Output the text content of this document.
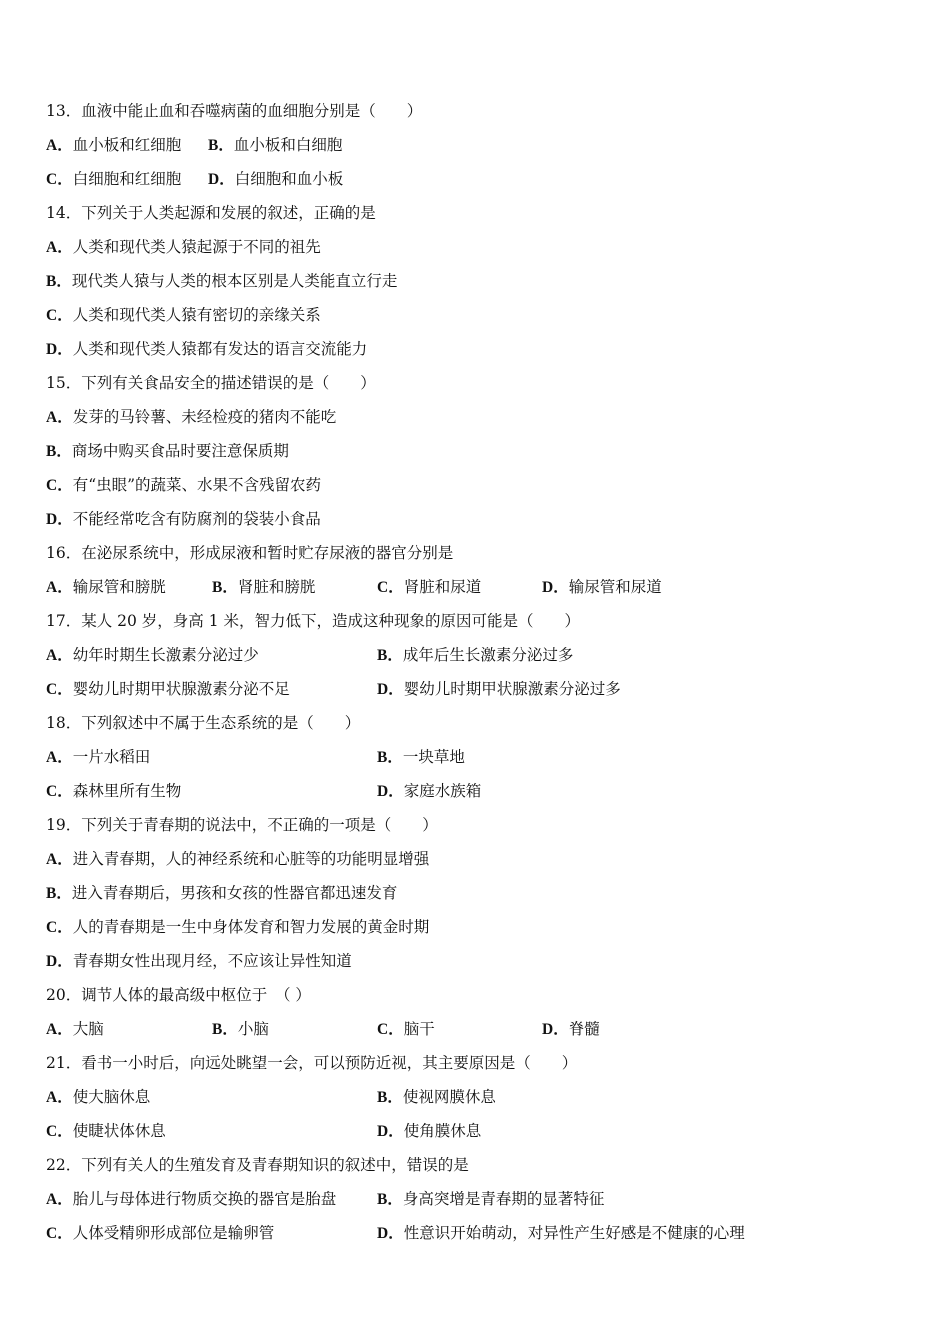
13．血液中能止血和吞噬病菌的血细胞分别是（　　）
A．血小板和红细胞 B．血小板和白细胞
C．白细胞和红细胞 D．白细胞和血小板
14．下列关于人类起源和发展的叙述，正确的是
A．人类和现代类人猿起源于不同的祖先
B．现代类人猿与人类的根本区别是人类能直立行走
C．人类和现代类人猿有密切的亲缘关系
D．人类和现代类人猿都有发达的语言交流能力
15．下列有关食品安全的描述错误的是（　　）
A．发芽的马铃薯、未经检疫的猪肉不能吃
B．商场中购买食品时要注意保质期
C．有“虫眼”的蔬菜、水果不含残留农药
D．不能经常吃含有防腐剂的袋装小食品
16．在泌尿系统中，形成尿液和暂时贮存尿液的器官分别是
A．输尿管和膀胱	B．肾脏和膀胱	C．肾脏和尿道	D．输尿管和尿道
17．某人 20 岁，身高 1 米，智力低下，造成这种现象的原因可能是（　　）
A．幼年时期生长激素分泌过少	B．成年后生长激素分泌过多
C．婴幼儿时期甲状腺激素分泌不足	D．婴幼儿时期甲状腺激素分泌过多
18．下列叙述中不属于生态系统的是（　　）
A．一片水稻田	B．一块草地
C．森林里所有生物	D．家庭水族箱
19．下列关于青春期的说法中，不正确的一项是（　　）
A．进入青春期，人的神经系统和心脏等的功能明显增强
B．进入青春期后，男孩和女孩的性器官都迅速发育
C．人的青春期是一生中身体发育和智力发展的黄金时期
D．青春期女性出现月经，不应该让异性知道
20．调节人体的最高级中枢位于　（ ）
A．大脑	B．小脑	C．脑干	D．脊髓
21．看书一小时后，向远处眺望一会，可以预防近视，其主要原因是（　　）
A．使大脑休息	B．使视网膜休息
C．使睫状体休息	D．使角膜休息
22．下列有关人的生殖发育及青春期知识的叙述中，错误的是
A．胎儿与母体进行物质交换的器官是胎盘	B．身高突增是青春期的显著特征
C．人体受精卵形成部位是输卵管	D．性意识开始萌动，对异性产生好感是不健康的心理
